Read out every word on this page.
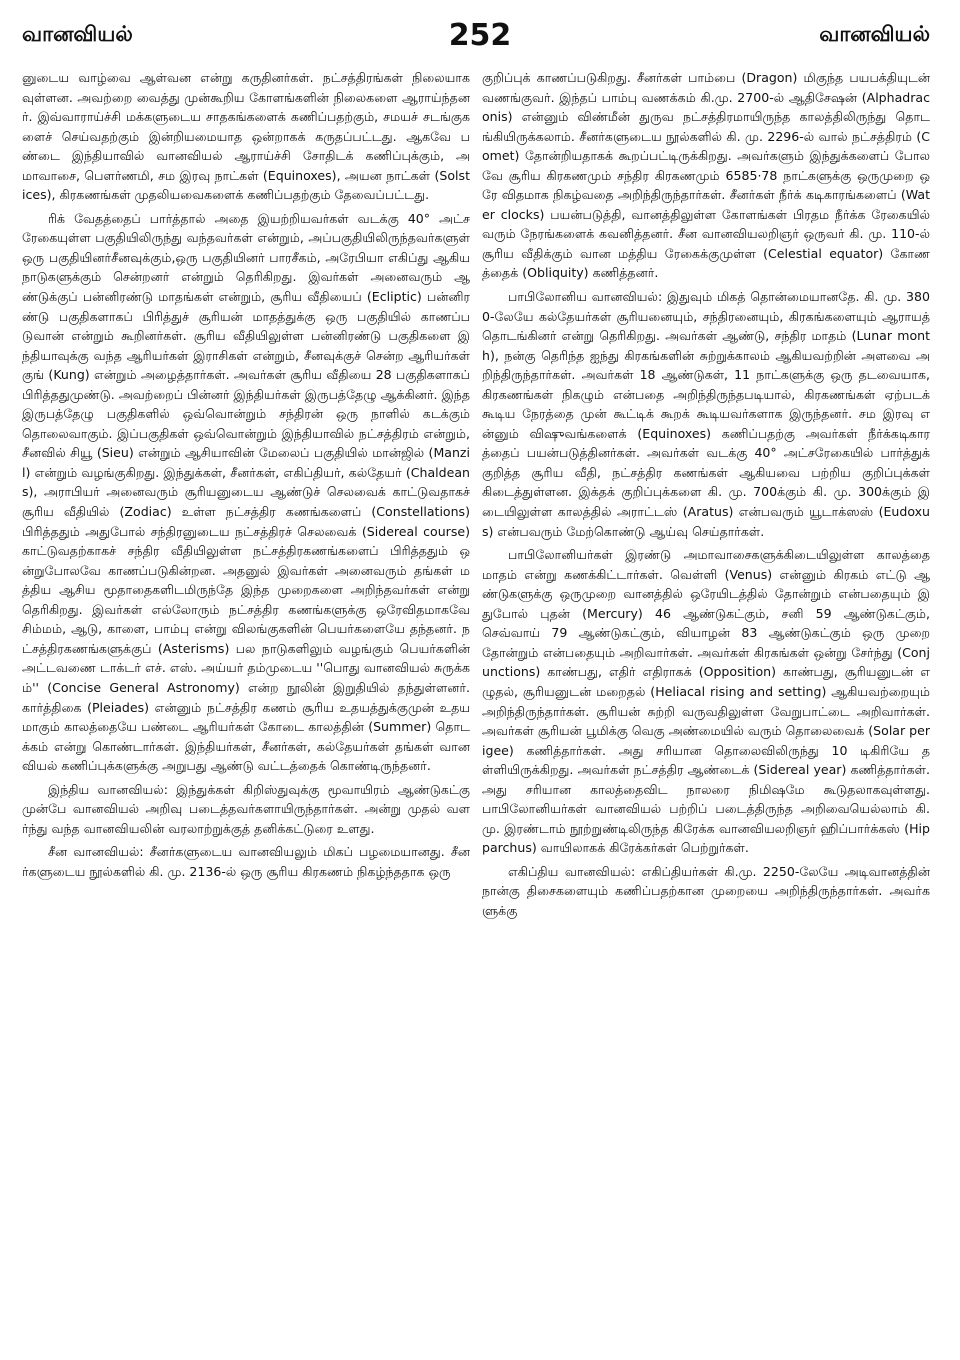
வானவியல்	252	வானவியல்

னுடைய வாழ்வை ஆள்வன என்று கருதினர்கள். நட்சத்திரங்கள் நிலையாகவுள்ளன. அவற்றை வைத்து முன்கூறிய கோளங்களின் நிலைகளை ஆராய்ந்தனர். இவ்வாராய்ச்சி மக்களுடைய சாதகங்களைக் கணிப்பதற்கும், சமயச் சடங்குகளைச் செய்வதற்கும் இன்றியமையாத ஒன்றாகக் கருதப்பட்டது. ஆகவே பண்டை இந்தியாவில் வானவியல் ஆராய்ச்சி சோதிடக் கணிப்புக்கும், அமாவாசை, பௌர்ணமி, சம இரவு நாட்கள் (Equinoxes), அயன நாட்கள் (Solstices), கிரகணங்கள் முதலியவைகளைக் கணிப்பதற்கும் தேவைப்பட்டது.

ரிக் வேதத்தைப் பார்த்தால் அதை இயற்றியவர்கள் வடக்கு 40° அட்சரேகையுள்ள பகுதியிலிருந்து வந்தவர்கள் என்றும், அப்பகுதியிலிருந்தவர்களுள் ஒரு பகுதியினர்சீனவுக்கும்,ஒரு பகுதியினர் பாரசீகம், அரேபியா எகிப்து ஆகிய நாடுகளுக்கும் சென்றனர் என்றும் தெரிகிறது. இவர்கள் அனைவரும் ஆண்டுக்குப் பன்னிரண்டு மாதங்கள் என்றும், சூரிய வீதியைப் (Ecliptic) பன்னிரண்டு பகுதிகளாகப் பிரித்துச் சூரியன் மாதத்துக்கு ஒரு பகுதியில் காணப்படுவான் என்றும் கூறினர்கள். சூரிய வீதியிலுள்ள பன்னிரண்டு பகுதிகளை இந்தியாவுக்கு வந்த ஆரியர்கள் இராசிகள் என்றும், சீனவுக்குச் சென்ற ஆரியர்கள் குங் (Kung) என்றும் அழைத்தார்கள். அவர்கள் சூரிய வீதியை 28 பகுதிகளாகப் பிரித்ததுமுண்டு. அவற்றைப் பின்னர் இந்தியர்கள் இருபத்தேழு ஆக்கினர். இந்த இருபத்தேழு பகுதிகளில் ஒவ்வொன்றும் சந்திரன் ஒரு நாளில் கடக்கும் தொலைவாகும். இப்பகுதிகள் ஒவ்வொன்றும் இந்தியாவில் நட்சத்திரம் என்றும், சீனவில் சியூ (Sieu) என்றும் ஆசியாவின் மேலைப் பகுதியில் மான்ஜில் (Manzil) என்றும் வழங்குகிறது. இந்துக்கள், சீனர்கள், எகிப்தியர், கல்தேயர் (Chaldeans), அராபியர் அனைவரும் சூரியனுடைய ஆண்டுச் செலவைக் காட்டுவதாகச் சூரிய வீதியில் (Zodiac) உள்ள நட்சத்திர கணங்களைப் (Constellations) பிரித்ததும் அதுபோல் சந்திரனுடைய நட்சத்திரச் செலவைக் (Sidereal course) காட்டுவதற்காகச் சந்திர வீதியிலுள்ள நட்சத்திரகணங்களைப் பிரித்ததும் ஒன்றுபோலவே காணப்படுகின்றன. அதனுல் இவர்கள் அனைவரும் தங்கள் மத்திய ஆசிய மூதாதைகளிடமிருந்தே இந்த முறைகளை அறிந்தவர்கள் என்று தெரிகிறது. இவர்கள் எல்லோரும் நட்சத்திர கணங்களுக்கு ஒரேவிதமாகவே சிம்மம், ஆடு, காளை, பாம்பு என்று விலங்குகளின் பெயர்களையே தந்தனர். நட்சத்திரகணங்களுக்குப் (Asterisms) பல நாடுகளிலும் வழங்கும் பெயர்களின் அட்டவணை டாக்டர் எச். எஸ். அய்யர் தம்முடைய ''பொது வானவியல் சுருக்கம்'' (Concise General Astronomy) என்ற நூலின் இறுதியில் தந்துள்ளனர். கார்த்திகை (Pleiades) என்னும் நட்சத்திர கணம் சூரிய உதயத்துக்குமுன் உதயமாகும் காலத்தையே பண்டை ஆரியர்கள் கோடை காலத்தின் (Summer) தொடக்கம் என்று கொண்டார்கள். இந்தியர்கள், சீனர்கள், கல்தேயர்கள் தங்கள் வானவியல் கணிப்புக்களுக்கு அறுபது ஆண்டு வட்டத்தைக் கொண்டிருந்தனர்.

இந்திய வானவியல்: இந்துக்கள் கிறிஸ்துவுக்கு மூவாயிரம் ஆண்டுகட்கு முன்பே வானவியல் அறிவு படைத்தவர்களாயிருந்தார்கள். அன்று முதல் வளர்ந்து வந்த வானவியலின் வரலாற்றுக்குத் தனிக்கட்டுரை உளது.

சீன வானவியல்: சீனர்களுடைய வானவியலும் மிகப் பழமையானது. சீனர்களுடைய நூல்களில் கி. மு. 2136-ல் ஒரு சூரிய கிரகணம் நிகழ்ந்ததாக ஒரு

குறிப்புக் காணப்படுகிறது. சீனர்கள் பாம்பை (Dragon) மிகுந்த பயபக்தியுடன் வணங்குவர். இந்தப் பாம்பு வணக்கம் கி.மு. 2700-ல் ஆதிசேஷன் (Alphadraconis) என்னும் விண்மீன் துருவ நட்சத்திரமாயிருந்த காலத்திலிருந்து தொடங்கியிருக்கலாம். சீனர்களுடைய நூல்களில் கி. மு. 2296-ல் வால் நட்சத்திரம் (Comet) தோன்றியதாகக் கூறப்பட்டிருக்கிறது. அவர்களும் இந்துக்களைப் போலவே சூரிய கிரகணமும் சந்திர கிரகணமும் 6585·78 நாட்களுக்கு ஒருமுறை ஒரே விதமாக நிகழ்வதை அறிந்திருந்தார்கள். சீனர்கள் நீர்க் கடிகாரங்களைப் (Water clocks) பயன்படுத்தி, வானத்திலுள்ள கோளங்கள் பிரதம நீர்க்க ரேகையில் வரும் நேரங்களைக் கவனித்தனர். சீன வானவியலறிஞர் ஒருவர் கி. மு. 110-ல் சூரிய வீதிக்கும் வான மத்திய ரேகைக்குமுள்ள (Celestial equator) கோணத்தைக் (Obliquity) கணித்தனர்.

பாபிலோனிய வானவியல்: இதுவும் மிகத் தொன்மையானதே. கி. மு. 3800-லேயே கல்தேயர்கள் சூரியனையும், சந்திரனையும், கிரகங்களையும் ஆராயத் தொடங்கினர் என்று தெரிகிறது. அவர்கள் ஆண்டு, சந்திர மாதம் (Lunar month), நன்கு தெரிந்த ஐந்து கிரகங்களின் சுற்றுக்காலம் ஆகியவற்றின் அளவை அறிந்திருந்தார்கள். அவர்கள் 18 ஆண்டுகள், 11 நாட்களுக்கு ஒரு தடவையாக, கிரகணங்கள் நிகழும் என்பதை அறிந்திருந்தபடியால், கிரகணங்கள் ஏற்படக் கூடிய நேரத்தை முன் கூட்டிக் கூறக் கூடியவர்களாக இருந்தனர். சம இரவு என்னும் விஷுவங்களைக் (Equinoxes) கணிப்பதற்கு அவர்கள் நீர்க்கடிகாரத்தைப் பயன்படுத்தினர்கள். அவர்கள் வடக்கு 40° அட்சரேகையில் பார்த்துக் குறித்த சூரிய வீதி, நட்சத்திர கணங்கள் ஆகியவை பற்றிய குறிப்புக்கள் கிடைத்துள்ளன. இக்தக் குறிப்புக்களை கி. மு. 700க்கும் கி. மு. 300க்கும் இடையிலுள்ள காலத்தில் அராட்டஸ் (Aratus) என்பவரும் யூடாக்ஸஸ் (Eudoxus) என்பவரும் மேற்கொண்டு ஆய்வு செய்தார்கள்.

பாபிலோனியர்கள் இரண்டு அமாவாசைகளுக்கிடையிலுள்ள காலத்தை மாதம் என்று கணக்கிட்டார்கள். வெள்ளி (Venus) என்னும் கிரகம் எட்டு ஆண்டுகளுக்கு ஒருமுறை வானத்தில் ஒரேயிடத்தில் தோன்றும் என்பதையும் இதுபோல் புதன் (Mercury) 46 ஆண்டுகட்கும், சனி 59 ஆண்டுகட்கும், செவ்வாய் 79 ஆண்டுகட்கும், வியாழன் 83 ஆண்டுகட்கும் ஒரு முறை தோன்றும் என்பதையும் அறிவார்கள். அவர்கள் கிரகங்கள் ஒன்று சேர்ந்து (Conjunctions) காண்பது, எதிர் எதிராகக் (Opposition) காண்பது, சூரியனுடன் எழுதல், சூரியனுடன் மறைதல் (Heliacal rising and setting) ஆகியவற்றையும் அறிந்திருந்தார்கள். சூரியன் சுற்றி வருவதிலுள்ள வேறுபாட்டை அறிவார்கள். அவர்கள் சூரியன் பூமிக்கு வெகு அண்மையில் வரும் தொலைவைக் (Solar perigee) கணித்தார்கள். அது சரியான தொலைவிலிருந்து 10 டிகிரியே தள்ளியிருக்கிறது. அவர்கள் நட்சத்திர ஆண்டைக் (Sidereal year) கணித்தார்கள். அது சரியான காலத்தைவிட நாலரை நிமிஷமே கூடுதலாகவுள்ளது. பாபிலோனியர்கள் வானவியல் பற்றிப் படைத்திருந்த அறிவையெல்லாம் கி. மு. இரண்டாம் நூற்றுண்டிலிருந்த கிரேக்க வானவியலறிஞர் ஹிப்பார்க்கஸ் (Hipparchus) வாயிலாகக் கிரேக்கர்கள் பெற்றுர்கள்.

எகிப்திய வானவியல்: எகிப்தியர்கள் கி.மு. 2250-லேயே அடிவானத்தின் நான்கு திசைகளையும் கணிப்பதற்கான முறையை அறிந்திருந்தார்கள். அவர்களுக்கு
